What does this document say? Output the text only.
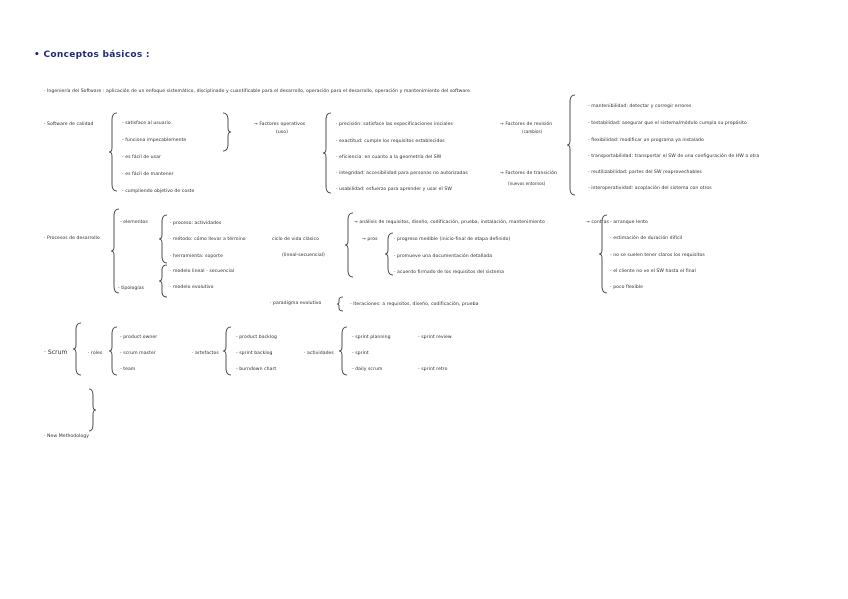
• Conceptos básicos :
· Ingeniería del Software : aplicación de un enfoque sistemático, disciplinado y cuantificable para el desarrollo, operación para el desarrollo, operación y mantenimiento del software.
· Software de calidad	- satisface al usuario
- funciona impecablemente
- es fácil de usar
- es fácil de mantener
- cumpliendo objetivo de coste
→ Factores operativos
(uso)
· precisión: satisface las especificaciones iniciales
· exactitud: cumple los requisitos establecidos
· eficiencia: en cuanto a la geometría del SW
· integridad: accesibilidad para personas no autorizadas
· usabilidad: esfuerzo para aprender y usar el SW
→ Factores de revisión
(cambios)
→ Factores de transición
(nuevos entornos)
- mantenibilidad: detectar y corregir errores
- testabilidad: asegurar que el sistema/módulo cumpla su propósito
- flexibilidad: modificar un programa ya instalado
- transportabilidad: transportar el SW de una configuración de HW a otra
- reutilizabilidad: partes del SW reaprovechables
- interoperatividad: acoplación del sistema con otros
· Procesos de desarrollo
- elementos	· proceso: actividades
· método: cómo llevar a término
· herramienta: soporte
- tipologías
· modelo lineal - secuencial
· modelo evolutivo
ciclo de vida clásico
(lineal-secuencial)
→ análisis de requisitos, diseño, codificación, prueba, instalación, mantenimiento
→ pros	· progreso medible (inicio-final de etapa definido)
· promueve una documentación detallada
· acuerdo firmado de los requisitos del sistema
→ contras - arranque lento
- estimación de duración difícil
- no se suelen tener claros los requisitos
- el cliente no ve el SW hasta el final
- poco flexible
· paradigma evolutivo	- iteraciones: a requisitos, diseño, codificación, prueba
· Scrum	· roles
- product owner
- scrum master
- team
· artefactos
- product backlog
- sprint backlog
- burndown chart
· actividades
- sprint planning
- sprint
- daily scrum
- sprint review
- sprint retro
· New Methodology
